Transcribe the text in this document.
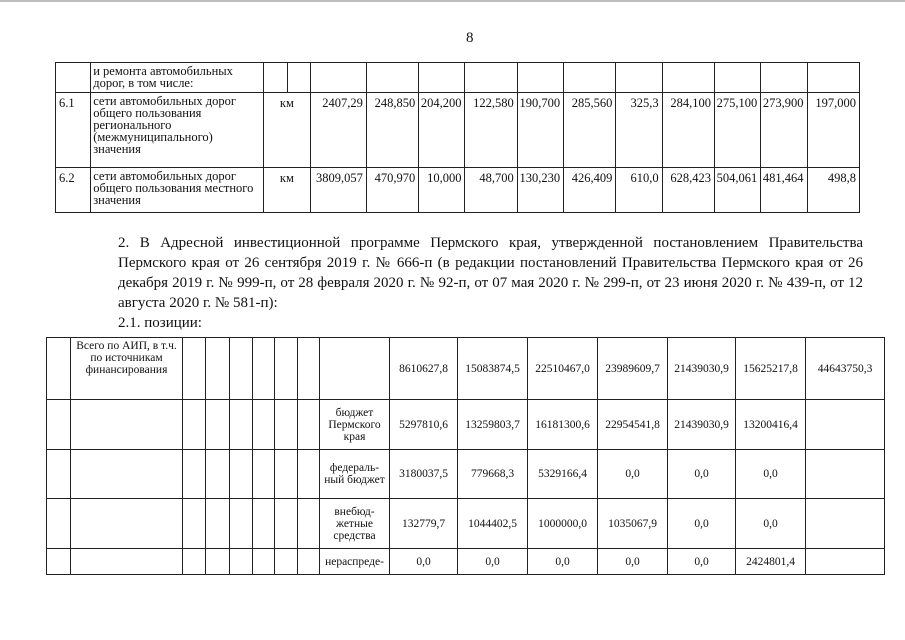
8
	и ремонта автомобильных дорог, в том числе:													
6.1	сети автомобильных дорог общего пользования регионального (межмуниципального) значения	км		2407,29	248,850	204,200	122,580	190,700	285,560	325,3	284,100	275,100	273,900	197,000
6.2	сети автомобильных дорог общего пользования местного значения	км		3809,057	470,970	10,000	48,700	130,230	426,409	610,0	628,423	504,061	481,464	498,8
2. В Адресной инвестиционной программе Пермского края, утвержденной постановлением Правительства Пермского края от 26 сентября 2019 г. № 666-п (в редакции постановлений Правительства Пермского края от 26 декабря 2019 г. № 999-п, от 28 февраля 2020 г. № 92-п, от 07 мая 2020 г. № 299-п, от 23 июня 2020 г. № 439-п, от 12 августа 2020 г. № 581-п):
2.1. позиции:
	Всего по АИП, в т.ч. по источникам финансирования								8610627,8	15083874,5	22510467,0	23989609,7	21439030,9	15625217,8	44643750,3
								бюджет Пермского края	5297810,6	13259803,7	16181300,6	22954541,8	21439030,9	13200416,4	
								федераль-ный бюджет	3180037,5	779668,3	5329166,4	0,0	0,0	0,0	
								внебюд-жетные средства	132779,7	1044402,5	1000000,0	1035067,9	0,0	0,0	
								нераспреде-	0,0	0,0	0,0	0,0	0,0	2424801,4	
